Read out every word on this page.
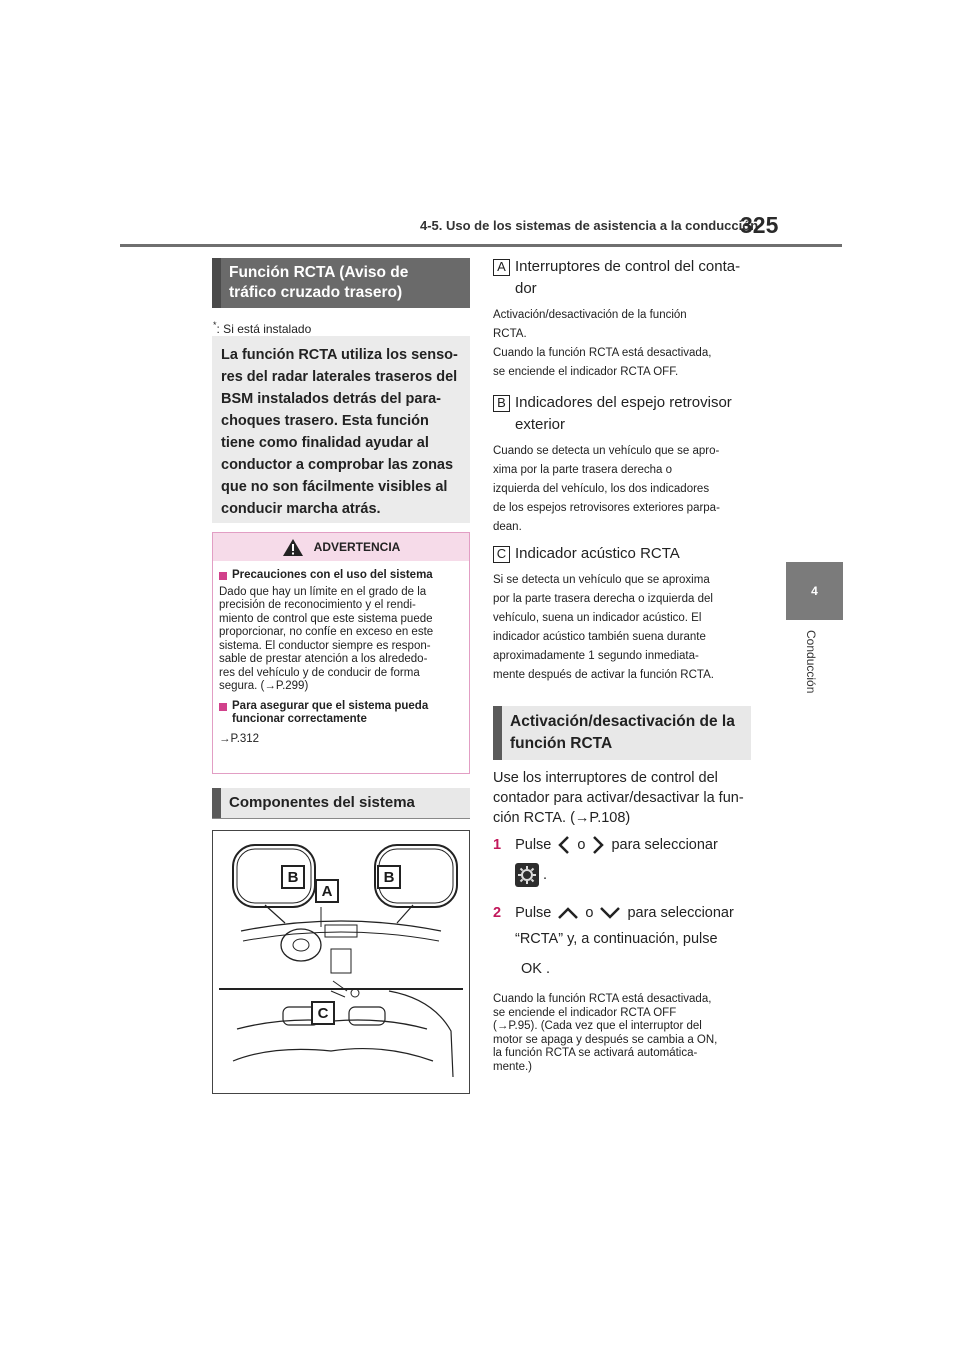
4-5. Uso de los sistemas de asistencia a la conducción
325
4
Conducción
Función RCTA (Aviso de
tráfico cruzado trasero)
*
*: Si está instalado
La función RCTA utiliza los senso-
res del radar laterales traseros del
BSM instalados detrás del para-
choques trasero. Esta función
tiene como finalidad ayudar al
conductor a comprobar las zonas
que no son fácilmente visibles al
conducir marcha atrás.
ADVERTENCIA
Precauciones con el uso del sistema
Dado que hay un límite en el grado de la
precisión de reconocimiento y el rendi-
miento de control que este sistema puede
proporcionar, no confíe en exceso en este
sistema. El conductor siempre es respon-
sable de prestar atención a los alrededo-
res del vehículo y de conducir de forma
segura. (→P.299)
Para asegurar que el sistema pueda
funcionar correctamente
→P.312
Componentes del sistema
B
A
B
C
A Interruptores de control del conta-
dor
Activación/desactivación de la función
RCTA.
Cuando la función RCTA está desactivada,
se enciende el indicador RCTA OFF.
B Indicadores del espejo retrovisor
exterior
Cuando se detecta un vehículo que se apro-
xima por la parte trasera derecha o
izquierda del vehículo, los dos indicadores
de los espejos retrovisores exteriores parpa-
dean.
C Indicador acústico RCTA
Si se detecta un vehículo que se aproxima
por la parte trasera derecha o izquierda del
vehículo, suena un indicador acústico. El
indicador acústico también suena durante
aproximadamente 1 segundo inmediata-
mente después de activar la función RCTA.
Activación/desactivación de la
función RCTA
Use los interruptores de control del
contador para activar/desactivar la fun-
ción RCTA. (→P.108)
1 Pulse o para seleccionar
.
2 Pulse o para seleccionar
“RCTA” y, a continuación, pulse
OK .
Cuando la función RCTA está desactivada,
se enciende el indicador RCTA OFF
(→P.95). (Cada vez que el interruptor del
motor se apaga y después se cambia a ON,
la función RCTA se activará automática-
mente.)
